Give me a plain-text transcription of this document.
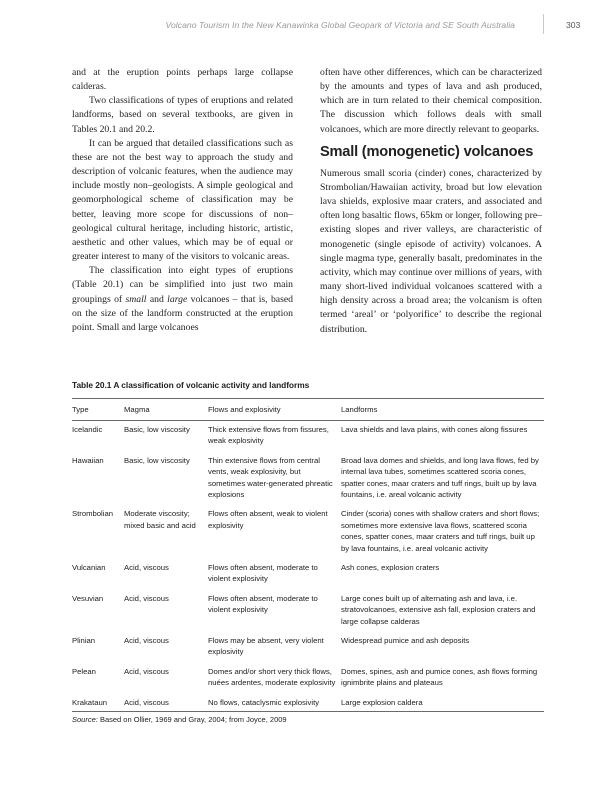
Volcano Tourism In the New Kanawinka Global Geopark of Victoria and SE South Australia	303

and at the eruption points perhaps large collapse calderas.

Two classifications of types of eruptions and related landforms, based on several textbooks, are given in Tables 20.1 and 20.2.

It can be argued that detailed classifications such as these are not the best way to approach the study and description of volcanic features, when the audience may include mostly non–geologists. A simple geological and geomorphological scheme of classification may be better, leaving more scope for discussions of non–geological cultural heritage, including historic, artistic, aesthetic and other values, which may be of equal or greater interest to many of the visitors to volcanic areas.

The classification into eight types of eruptions (Table 20.1) can be simplified into just two main groupings of small and large volcanoes – that is, based on the size of the landform constructed at the eruption point. Small and large volcanoes

often have other differences, which can be characterized by the amounts and types of lava and ash produced, which are in turn related to their chemical composition. The discussion which follows deals with small volcanoes, which are more directly relevant to geoparks.

Small (monogenetic) volcanoes

Numerous small scoria (cinder) cones, characterized by Strombolian/Hawaiian activity, broad but low elevation lava shields, explosive maar craters, and associated and often long basaltic flows, 65km or longer, following pre–existing slopes and river valleys, are characteristic of monogenetic (single episode of activity) volcanoes. A single magma type, generally basalt, predominates in the activity, which may continue over millions of years, with many short-lived individual volcanoes scattered with a high density across a broad area; the volcanism is often termed ‘areal’ or ‘polyorifice’ to describe the regional distribution.

Table 20.1 A classification of volcanic activity and landforms
Type	Magma	Flows and explosivity	Landforms
Icelandic	Basic, low viscosity	Thick extensive flows from fissures, weak explosivity	Lava shields and lava plains, with cones along fissures
Hawaiian	Basic, low viscosity	Thin extensive flows from central vents, weak explosivity, but sometimes water-generated phreatic explosions	Broad lava domes and shields, and long lava flows, fed by internal lava tubes, sometimes scattered scoria cones, spatter cones, maar craters and tuff rings, built up by lava fountains, i.e. areal volcanic activity
Strombolian	Moderate viscosity; mixed basic and acid	Flows often absent, weak to violent explosivity	Cinder (scoria) cones with shallow craters and short flows; sometimes more extensive lava flows, scattered scoria cones, spatter cones, maar craters and tuff rings, built up by lava fountains, i.e. areal volcanic activity
Vulcanian	Acid, viscous	Flows often absent, moderate to violent explosivity	Ash cones, explosion craters
Vesuvian	Acid, viscous	Flows often absent, moderate to violent explosivity	Large cones built up of alternating ash and lava, i.e. stratovolcanoes, extensive ash fall, explosion craters and large collapse calderas
Plinian	Acid, viscous	Flows may be absent, very violent explosivity	Widespread pumice and ash deposits
Pelean	Acid, viscous	Domes and/or short very thick flows, nuées ardentes, moderate explosivity	Domes, spines, ash and pumice cones, ash flows forming ignimbrite plains and plateaus
Krakataun	Acid, viscous	No flows, cataclysmic explosivity	Large explosion caldera
Source: Based on Ollier, 1969 and Gray, 2004; from Joyce, 2009
